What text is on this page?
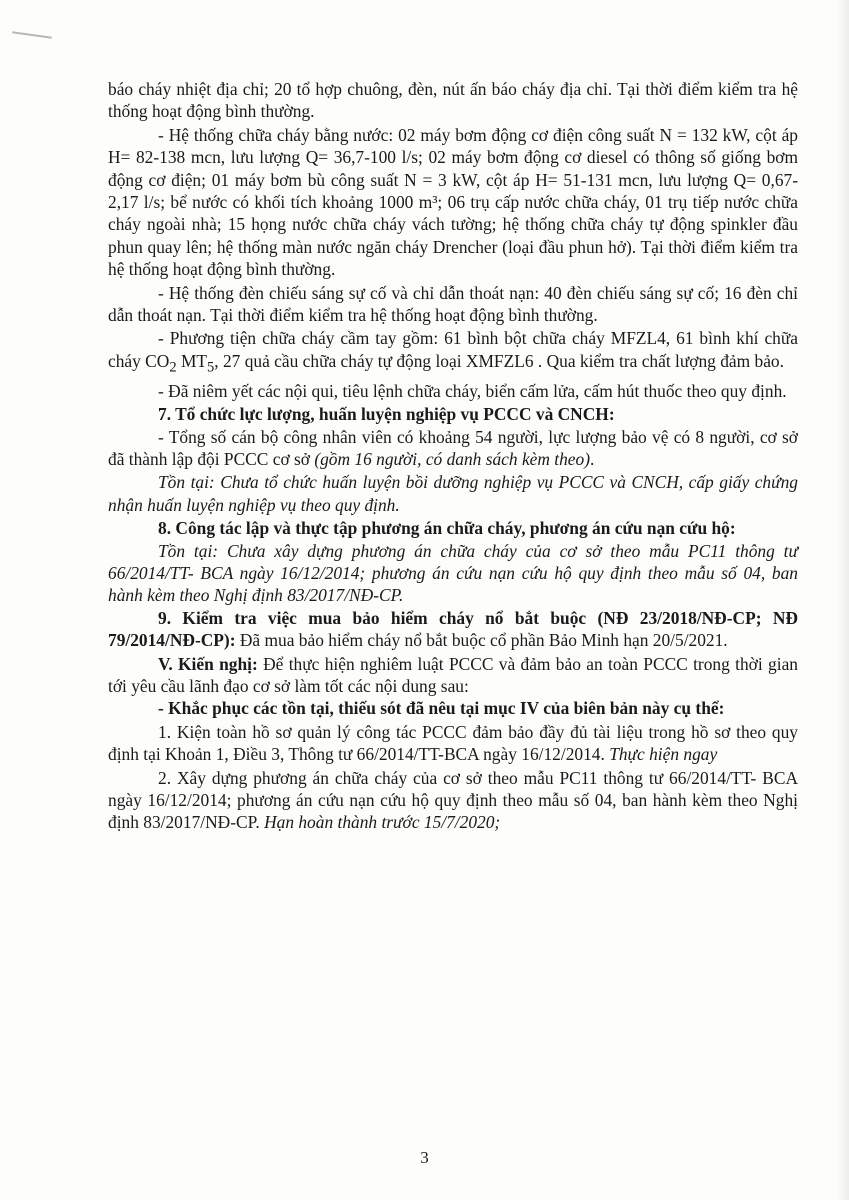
báo cháy nhiệt địa chỉ; 20 tổ hợp chuông, đèn, nút ấn báo cháy địa chỉ. Tại thời điểm kiểm tra hệ thống hoạt động bình thường.

- Hệ thống chữa cháy bằng nước: 02 máy bơm động cơ điện công suất N = 132 kW, cột áp H= 82-138 mcn, lưu lượng Q= 36,7-100 l/s; 02 máy bơm động cơ diesel có thông số giống bơm động cơ điện; 01 máy bơm bù công suất N = 3 kW, cột áp H= 51-131 mcn, lưu lượng Q= 0,67-2,17 l/s; bể nước có khối tích khoảng 1000 m³; 06 trụ cấp nước chữa cháy, 01 trụ tiếp nước chữa cháy ngoài nhà; 15 họng nước chữa cháy vách tường; hệ thống chữa cháy tự động spinkler đầu phun quay lên; hệ thống màn nước ngăn cháy Drencher (loại đầu phun hở). Tại thời điểm kiểm tra hệ thống hoạt động bình thường.

- Hệ thống đèn chiếu sáng sự cố và chỉ dẫn thoát nạn: 40 đèn chiếu sáng sự cố; 16 đèn chỉ dẫn thoát nạn. Tại thời điểm kiểm tra hệ thống hoạt động bình thường.

- Phương tiện chữa cháy cầm tay gồm: 61 bình bột chữa cháy MFZL4, 61 bình khí chữa cháy $CO_2$ $MT_5$, 27 quả cầu chữa cháy tự động loại XMFZL6 . Qua kiểm tra chất lượng đảm bảo.

- Đã niêm yết các nội qui, tiêu lệnh chữa cháy, biển cấm lửa, cấm hút thuốc theo quy định.

7. Tổ chức lực lượng, huấn luyện nghiệp vụ PCCC và CNCH:

- Tổng số cán bộ công nhân viên có khoảng 54 người, lực lượng bảo vệ có 8 người, cơ sở đã thành lập đội PCCC cơ sở (gồm 16 người, có danh sách kèm theo).

Tồn tại: Chưa tổ chức huấn luyện bồi dưỡng nghiệp vụ PCCC và CNCH, cấp giấy chứng nhận huấn luyện nghiệp vụ theo quy định.

8. Công tác lập và thực tập phương án chữa cháy, phương án cứu nạn cứu hộ:

Tồn tại: Chưa xây dựng phương án chữa cháy của cơ sở theo mẫu PC11 thông tư 66/2014/TT- BCA ngày 16/12/2014; phương án cứu nạn cứu hộ quy định theo mẫu số 04, ban hành kèm theo Nghị định 83/2017/NĐ-CP.

9. Kiểm tra việc mua bảo hiểm cháy nổ bắt buộc (NĐ 23/2018/NĐ-CP; NĐ 79/2014/NĐ-CP): Đã mua bảo hiểm cháy nổ bắt buộc cổ phần Bảo Minh hạn 20/5/2021.

V. Kiến nghị: Để thực hiện nghiêm luật PCCC và đảm bảo an toàn PCCC trong thời gian tới yêu cầu lãnh đạo cơ sở làm tốt các nội dung sau:

- Khắc phục các tồn tại, thiếu sót đã nêu tại mục IV của biên bản này cụ thể:

1. Kiện toàn hồ sơ quản lý công tác PCCC đảm bảo đầy đủ tài liệu trong hồ sơ theo quy định tại Khoản 1, Điều 3, Thông tư 66/2014/TT-BCA ngày 16/12/2014. Thực hiện ngay

2. Xây dựng phương án chữa cháy của cơ sở theo mẫu PC11 thông tư 66/2014/TT- BCA ngày 16/12/2014; phương án cứu nạn cứu hộ quy định theo mẫu số 04, ban hành kèm theo Nghị định 83/2017/NĐ-CP. Hạn hoàn thành trước 15/7/2020;

3
